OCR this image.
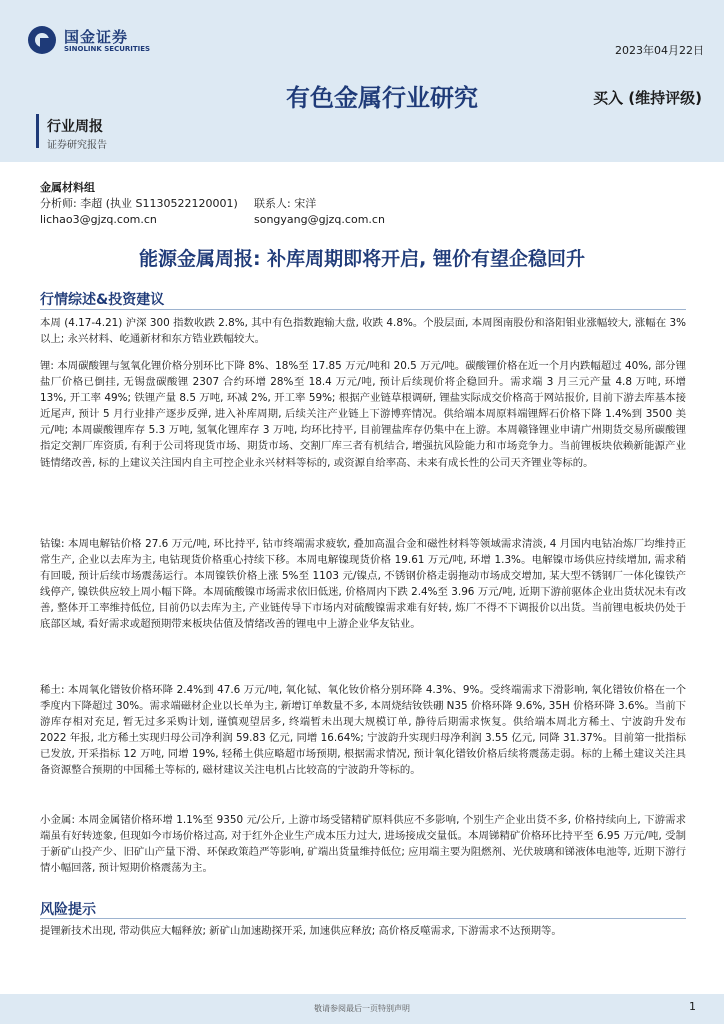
国金证券
SINOLINK SECURITIES	2023年04月22日
有色金属行业研究	买入 (维持评级)
行业周报
证券研究报告
金属材料组
分析师: 李超 (执业 S1130522120001)
lichao3@gjzq.com.cn
联系人: 宋洋
songyang@gjzq.com.cn
能源金属周报: 补库周期即将开启, 锂价有望企稳回升
行情综述&投资建议

本周 (4.17-4.21) 沪深 300 指数收跌 2.8%, 其中有色指数跑输大盘, 收跌 4.8%。个股层面, 本周图南股份和洛阳钼业涨幅较大, 涨幅在 3%以上; 永兴材料、屹通新材和东方锆业跌幅较大。

锂: 本周碳酸锂与氢氧化锂价格分别环比下降 8%、18%至 17.85 万元/吨和 20.5 万元/吨。碳酸锂价格在近一个月内跌幅超过 40%, 部分锂盐厂价格已倒挂, 无锡盘碳酸锂 2307 合约环增 28%至 18.4 万元/吨, 预计后续现价将企稳回升。需求端 3 月三元产量 4.8 万吨, 环增 13%, 开工率 49%; 铁锂产量 8.5 万吨, 环减 2%, 开工率 59%; 根据产业链草根调研, 锂盐实际成交价格高于网站报价, 目前下游去库基本接近尾声, 预计 5 月行业排产逐步反弹, 进入补库周期, 后续关注产业链上下游博弈情况。供给端本周原料端锂辉石价格下降 1.4%到 3500 美元/吨; 本周碳酸锂库存 5.3 万吨, 氢氧化锂库存 3 万吨, 均环比持平, 目前锂盐库存仍集中在上游。本周赣锋锂业申请广州期货交易所碳酸锂指定交割厂库资质, 有利于公司将现货市场、期货市场、交割厂库三者有机结合, 增强抗风险能力和市场竞争力。当前锂板块依赖新能源产业链情绪改善, 标的上建议关注国内自主可控企业永兴材料等标的, 或资源自给率高、未来有成长性的公司天齐锂业等标的。

钴镍: 本周电解钴价格 27.6 万元/吨, 环比持平, 钴市终端需求疲软, 叠加高温合金和磁性材料等领域需求清淡, 4 月国内电钴冶炼厂均维持正常生产, 企业以去库为主, 电钴现货价格重心持续下移。本周电解镍现货价格 19.61 万元/吨, 环增 1.3%。电解镍市场供应持续增加, 需求稍有回暖, 预计后续市场震荡运行。本周镍铁价格上涨 5%至 1103 元/镍点, 不锈钢价格走弱拖动市场成交增加, 某大型不锈钢厂一体化镍铁产线停产, 镍铁供应较上周小幅下降。本周硫酸镍市场需求依旧低迷, 价格周内下跌 2.4%至 3.96 万元/吨, 近期下游前驱体企业出货状况未有改善, 整体开工率维持低位, 目前仍以去库为主, 产业链传导下市场内对硫酸镍需求难有好转, 炼厂不得不下调报价以出货。当前锂电板块仍处于底部区域, 看好需求或超预期带来板块估值及情绪改善的锂电中上游企业华友钴业。

稀土: 本周氧化镨钕价格环降 2.4%到 47.6 万元/吨, 氧化铽、氧化钕价格分别环降 4.3%、9%。受终端需求下滑影响, 氧化镨钕价格在一个季度内下降超过 30%。需求端磁材企业以长单为主, 新增订单数量不多, 本周烧结钕铁硼 N35 价格环降 9.6%, 35H 价格环降 3.6%。当前下游库存相对充足, 暂无过多采购计划, 谨慎观望居多, 终端暂未出现大规模订单, 静待后期需求恢复。供给端本周北方稀土、宁波韵升发布 2022 年报, 北方稀土实现归母公司净利润 59.83 亿元, 同增 16.64%; 宁波韵升实现归母净利润 3.55 亿元, 同降 31.37%。目前第一批指标已发放, 开采指标 12 万吨, 同增 19%, 轻稀土供应略超市场预期, 根据需求情况, 预计氧化镨钕价格后续将震荡走弱。标的上稀土建议关注具备资源整合预期的中国稀土等标的, 磁材建议关注电机占比较高的宁波韵升等标的。

小金属: 本周金属锗价格环增 1.1%至 9350 元/公斤, 上游市场受锗精矿原料供应不多影响, 个别生产企业出货不多, 价格持续向上, 下游需求端虽有好转迹象, 但现如今市场价格过高, 对于红外企业生产成本压力过大, 进场接成交量低。本周锑精矿价格环比持平至 6.95 万元/吨, 受制于新矿山投产少、旧矿山产量下滑、环保政策趋严等影响, 矿端出货量维持低位; 应用端主要为阻燃剂、光伏玻璃和锑液体电池等, 近期下游行情小幅回落, 预计短期价格震荡为主。

风险提示

提锂新技术出现, 带动供应大幅释放; 新矿山加速勘探开采, 加速供应释放; 高价格反噬需求, 下游需求不达预期等。

敬请参阅最后一页特别声明	1
